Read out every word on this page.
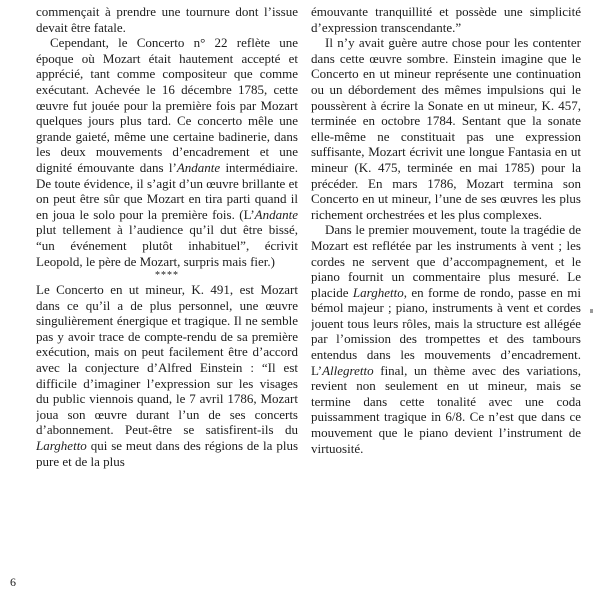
commençait à prendre une tournure dont l’issue devait être fatale.

Cependant, le Concerto n° 22 reflète une époque où Mozart était hautement accepté et apprécié, tant comme compositeur que comme exécutant. Achevée le 16 décembre 1785, cette œuvre fut jouée pour la première fois par Mozart quelques jours plus tard. Ce concerto mêle une grande gaieté, même une certaine badinerie, dans les deux mouvements d’encadrement et une dignité émouvante dans l’Andante intermédiaire. De toute évidence, il s’agit d’un œuvre brillante et on peut être sûr que Mozart en tira parti quand il en joua le solo pour la première fois. (L’Andante plut tellement à l’audience qu’il dut être bissé, “un événement plutôt inhabituel”, écrivit Leopold, le père de Mozart, surpris mais fier.)

****

Le Concerto en ut mineur, K. 491, est Mozart dans ce qu’il a de plus personnel, une œuvre singulièrement énergique et tragique. Il ne semble pas y avoir trace de compte-rendu de sa première exécution, mais on peut facilement être d’accord avec la conjecture d’Alfred Einstein : “Il est difficile d’imaginer l’expression sur les visages du public viennois quand, le 7 avril 1786, Mozart joua son œuvre durant l’un de ses concerts d’abonnement. Peut-être se satisfirent-ils du Larghetto qui se meut dans des régions de la plus pure et de la plus

émouvante tranquillité et possède une simplicité d’expression transcendante.”

Il n’y avait guère autre chose pour les contenter dans cette œuvre sombre. Einstein imagine que le Concerto en ut mineur représente une continuation ou un débordement des mêmes impulsions qui le poussèrent à écrire la Sonate en ut mineur, K. 457, terminée en octobre 1784. Sentant que la sonate elle-même ne constituait pas une expression suffisante, Mozart écrivit une longue Fantasia en ut mineur (K. 475, terminée en mai 1785) pour la précéder. En mars 1786, Mozart termina son Concerto en ut mineur, l’une de ses œuvres les plus richement orchestrées et les plus complexes.

Dans le premier mouvement, toute la tragédie de Mozart est reflétée par les instruments à vent ; les cordes ne servent que d’accompagnement, et le piano fournit un commentaire plus mesuré. Le placide Larghetto, en forme de rondo, passe en mi bémol majeur ; piano, instruments à vent et cordes jouent tous leurs rôles, mais la structure est allégée par l’omission des trompettes et des tambours entendus dans les mouvements d’encadrement. L’Allegretto final, un thème avec des variations, revient non seulement en ut mineur, mais se termine dans cette tonalité avec une coda puissamment tragique in 6/8. Ce n’est que dans ce mouvement que le piano devient l’instrument de virtuosité.

6
